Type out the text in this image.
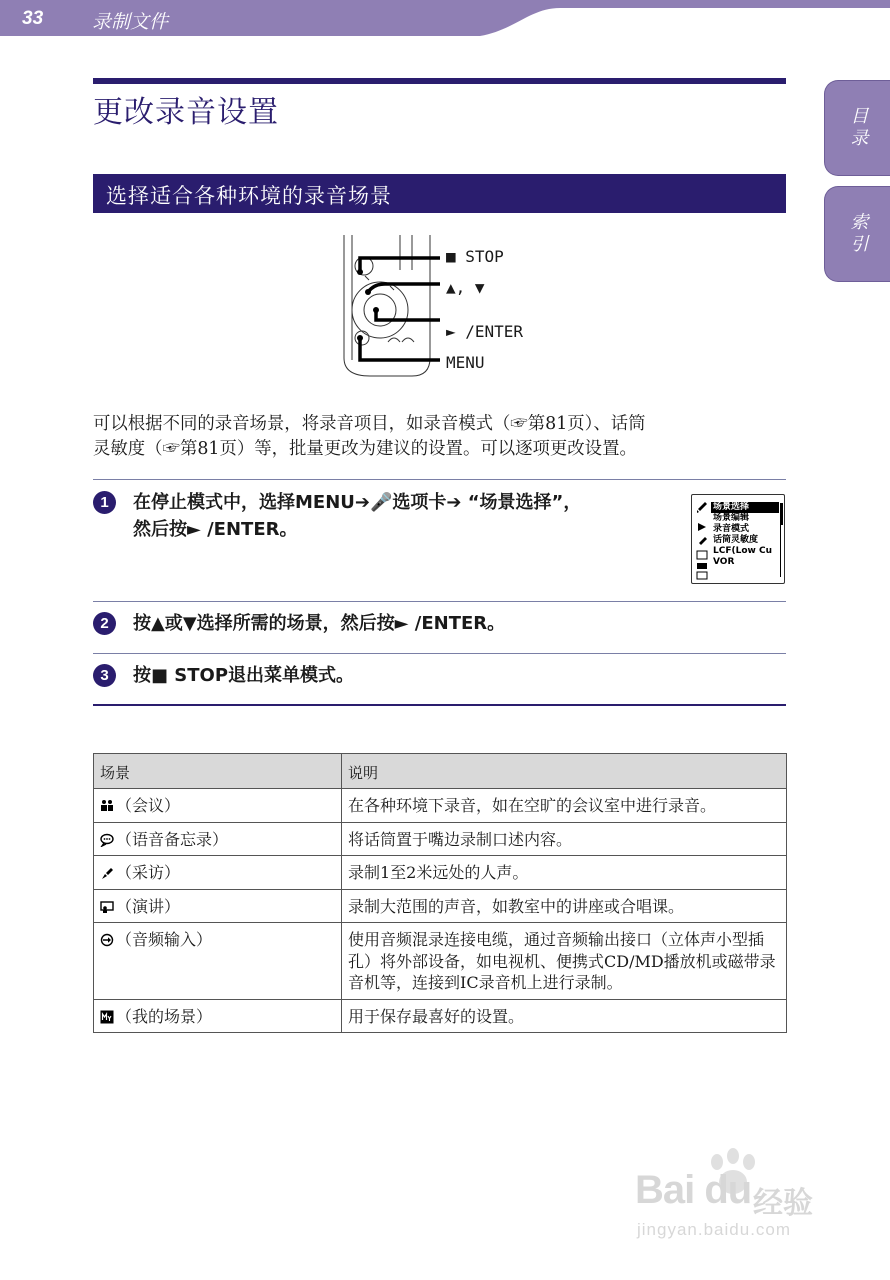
33	录制文件
目录
索引
更改录音设置
选择适合各种环境的录音场景
■ STOP
▲, ▼
► /ENTER
MENU
可以根据不同的录音场景，将录音项目，如录音模式（☞第81页）、话筒
灵敏度（☞第81页）等，批量更改为建议的设置。可以逐项更改设置。
1	在停止模式中，选择MENU➔🎤选项卡➔ “场景选择”，
然后按► /ENTER。
场景选择
场景编辑
录音模式
话筒灵敏度
LCF(Low Cu
VOR
2	按▲或▼选择所需的场景，然后按► /ENTER。
3	按■ STOP退出菜单模式。
场景	说明
（会议）	在各种环境下录音，如在空旷的会议室中进行录音。
（语音备忘录）	将话筒置于嘴边录制口述内容。
（采访）	录制1至2米远处的人声。
（演讲）	录制大范围的声音，如教室中的讲座或合唱课。
（音频输入）	使用音频混录连接电缆，通过音频输出接口（立体声小型插孔）将外部设备，如电视机、便携式CD/MD播放机或磁带录音机等，连接到IC录音机上进行录制。
（我的场景）	用于保存最喜好的设置。
Bai du 经验
jingyan.baidu.com
